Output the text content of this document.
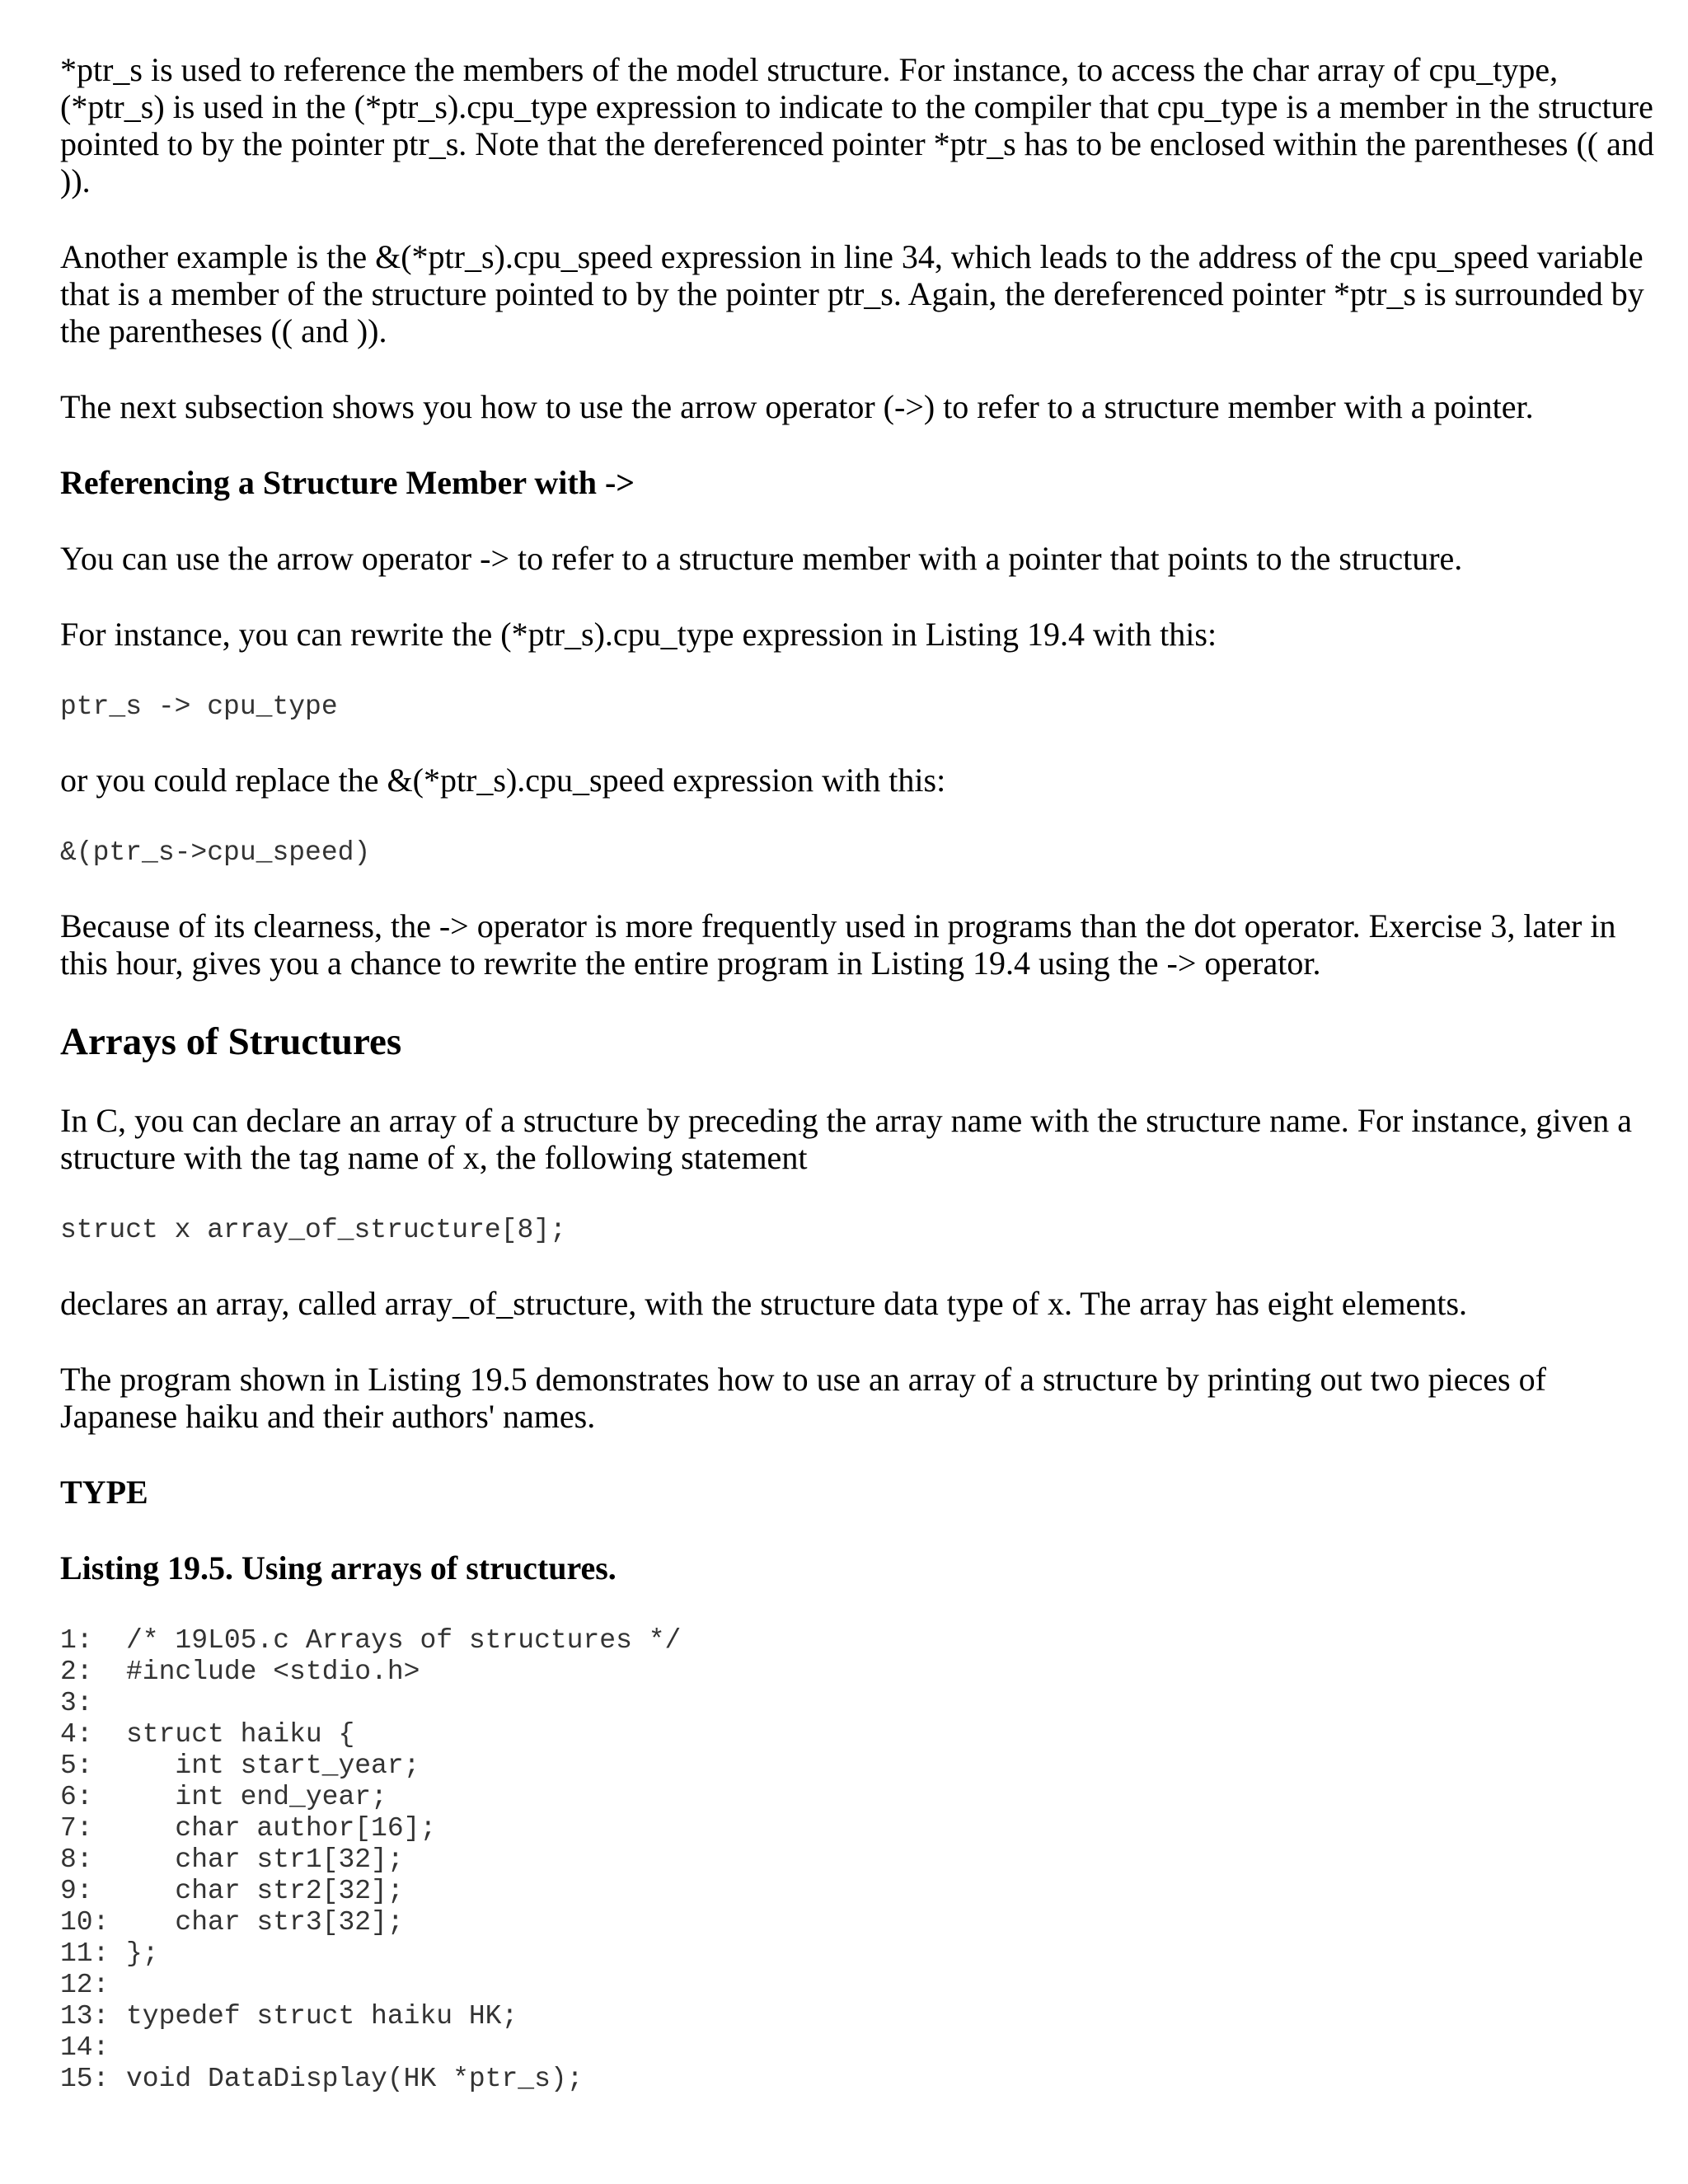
*ptr_s is used to reference the members of the model structure. For instance, to access the char array of cpu_type, (*ptr_s) is used in the (*ptr_s).cpu_type expression to indicate to the compiler that cpu_type is a member in the structure pointed to by the pointer ptr_s. Note that the dereferenced pointer *ptr_s has to be enclosed within the parentheses (( and )).

Another example is the &(*ptr_s).cpu_speed expression in line 34, which leads to the address of the cpu_speed variable that is a member of the structure pointed to by the pointer ptr_s. Again, the dereferenced pointer *ptr_s is surrounded by the parentheses (( and )).

The next subsection shows you how to use the arrow operator (->) to refer to a structure member with a pointer.

Referencing a Structure Member with ->

You can use the arrow operator -> to refer to a structure member with a pointer that points to the structure.

For instance, you can rewrite the (*ptr_s).cpu_type expression in Listing 19.4 with this:

ptr_s -> cpu_type

or you could replace the &(*ptr_s).cpu_speed expression with this:

&(ptr_s->cpu_speed)

Because of its clearness, the -> operator is more frequently used in programs than the dot operator. Exercise 3, later in this hour, gives you a chance to rewrite the entire program in Listing 19.4 using the -> operator.

Arrays of Structures

In C, you can declare an array of a structure by preceding the array name with the structure name. For instance, given a structure with the tag name of x, the following statement

struct x array_of_structure[8];

declares an array, called array_of_structure, with the structure data type of x. The array has eight elements.

The program shown in Listing 19.5 demonstrates how to use an array of a structure by printing out two pieces of Japanese haiku and their authors' names.

TYPE
Listing 19.5. Using arrays of structures.
1:	/* 19L05.c Arrays of structures */
2:	#include <stdio.h>
3:
4:	struct haiku {
5:	int start_year;
6:	int end_year;
7:	char author[16];
8:	char str1[32];
9:	char str2[32];
10: char str3[32];
11: };
12:
13: typedef struct haiku HK;
14:
15: void DataDisplay(HK *ptr_s);
